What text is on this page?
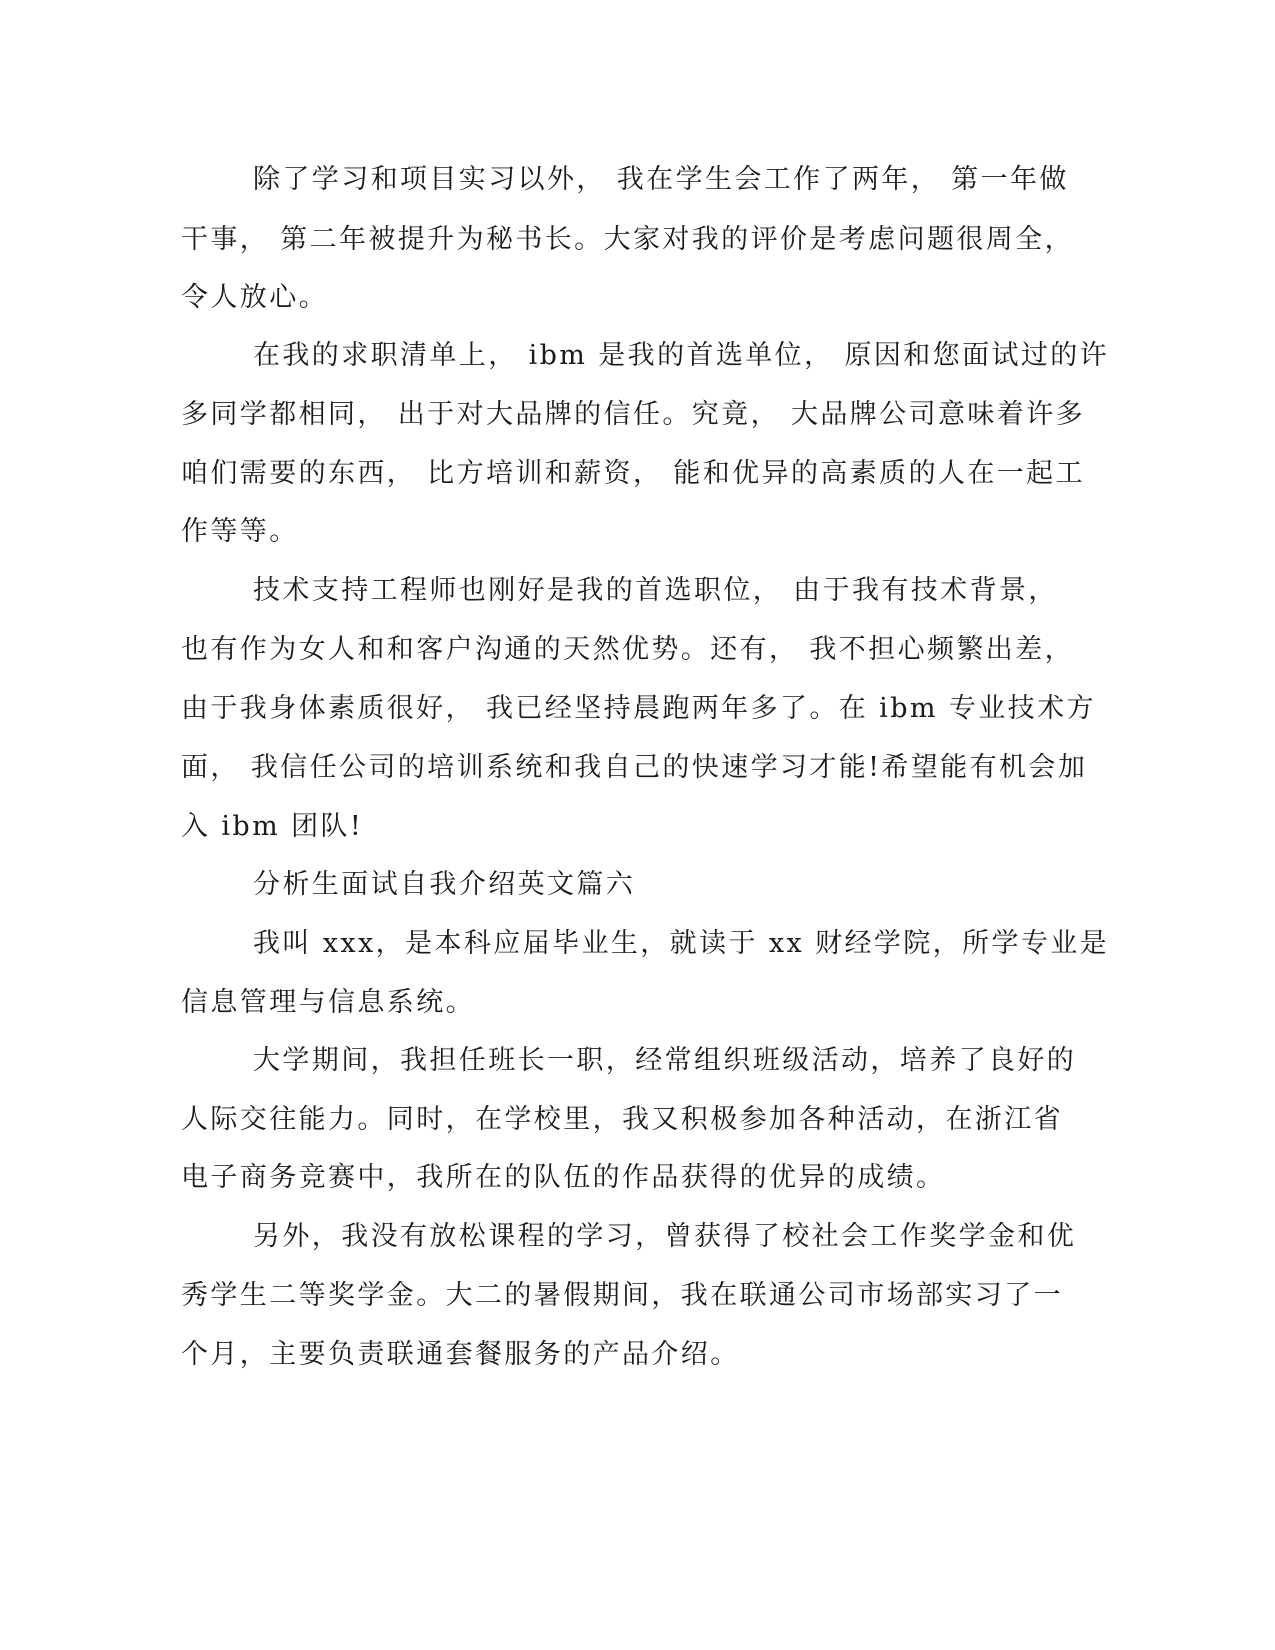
除了学习和项目实习以外， 我在学生会工作了两年， 第一年做
干事， 第二年被提升为秘书长。大家对我的评价是考虑问题很周全，
令人放心。
在我的求职清单上， ibm 是我的首选单位， 原因和您面试过的许
多同学都相同， 出于对大品牌的信任。究竟， 大品牌公司意味着许多
咱们需要的东西， 比方培训和薪资， 能和优异的高素质的人在一起工
作等等。
技术支持工程师也刚好是我的首选职位， 由于我有技术背景，
也有作为女人和和客户沟通的天然优势。还有， 我不担心频繁出差，
由于我身体素质很好， 我已经坚持晨跑两年多了。在 ibm 专业技术方
面， 我信任公司的培训系统和我自己的快速学习才能!希望能有机会加
入 ibm 团队!
分析生面试自我介绍英文篇六
我叫 xxx，是本科应届毕业生，就读于 xx 财经学院，所学专业是
信息管理与信息系统。
大学期间，我担任班长一职，经常组织班级活动，培养了良好的
人际交往能力。同时，在学校里，我又积极参加各种活动，在浙江省
电子商务竞赛中，我所在的队伍的作品获得的优异的成绩。
另外，我没有放松课程的学习，曾获得了校社会工作奖学金和优
秀学生二等奖学金。大二的暑假期间，我在联通公司市场部实习了一
个月，主要负责联通套餐服务的产品介绍。
